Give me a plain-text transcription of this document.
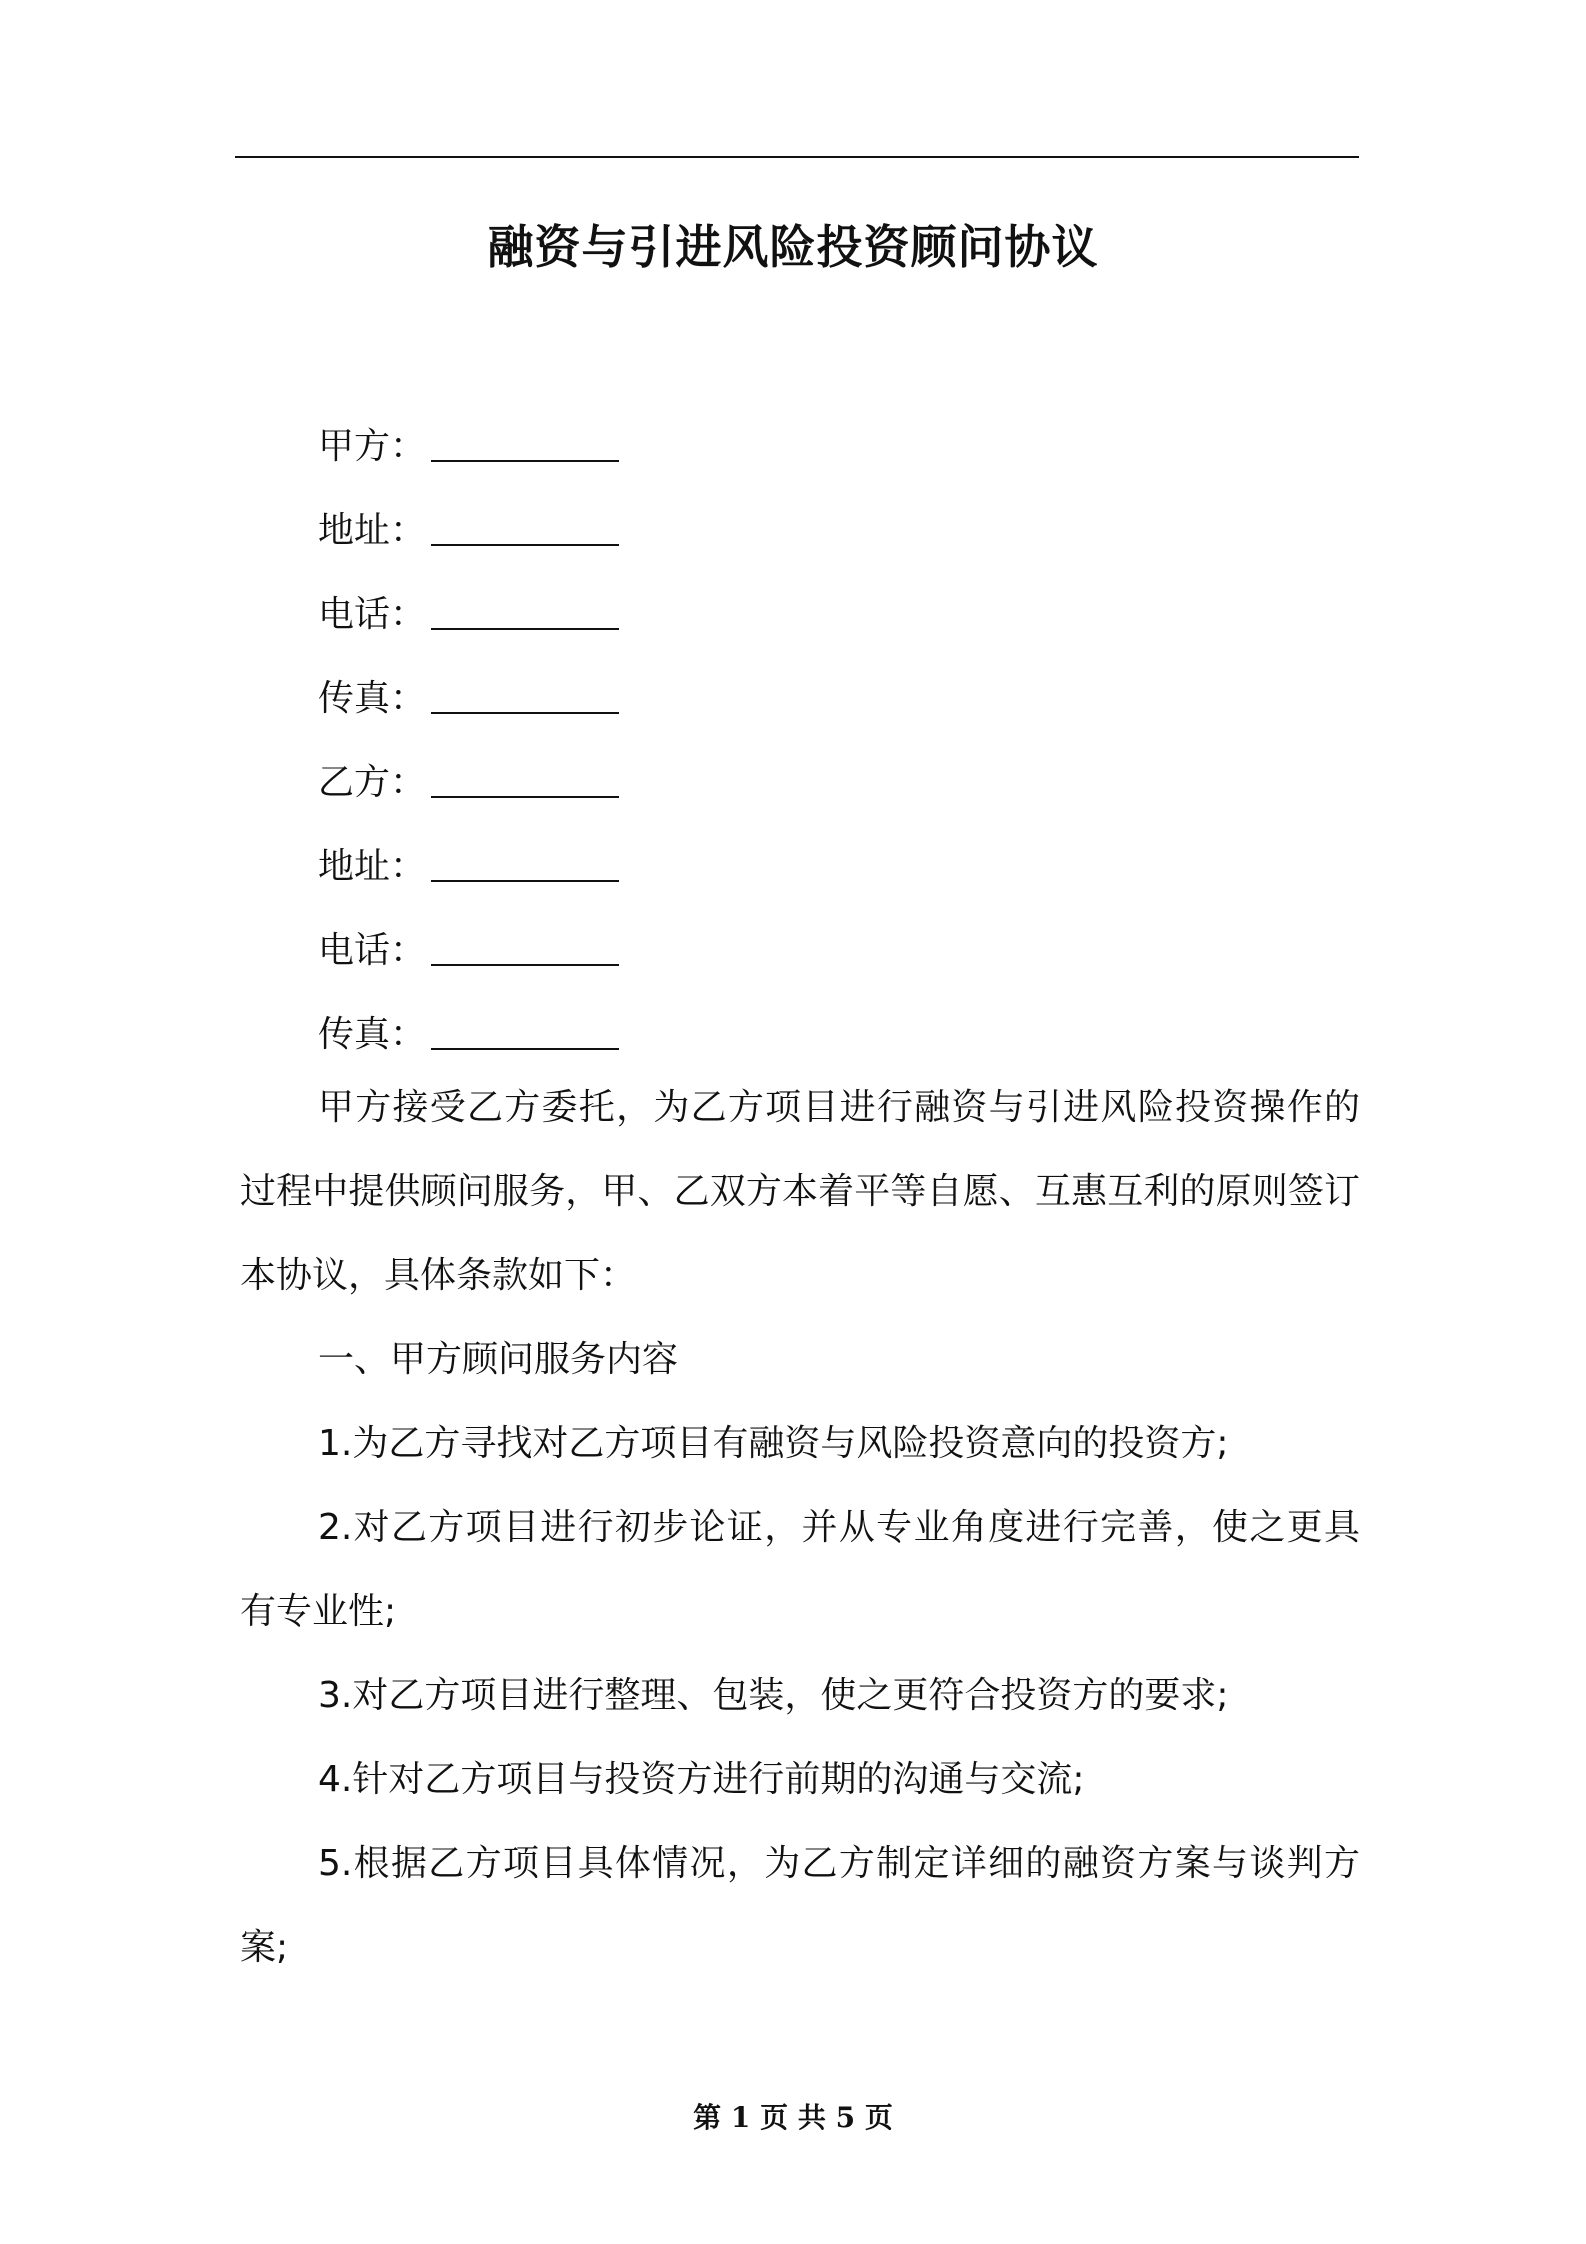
融资与引进风险投资顾问协议
甲方：
地址：
电话：
传真：
乙方：
地址：
电话：
传真：

甲方接受乙方委托，为乙方项目进行融资与引进风险投资操作的过程中提供顾问服务，甲、乙双方本着平等自愿、互惠互利的原则签订本协议，具体条款如下：

一、甲方顾问服务内容

1.为乙方寻找对乙方项目有融资与风险投资意向的投资方;

2.对乙方项目进行初步论证，并从专业角度进行完善，使之更具有专业性;

3.对乙方项目进行整理、包装，使之更符合投资方的要求;

4.针对乙方项目与投资方进行前期的沟通与交流;

5.根据乙方项目具体情况，为乙方制定详细的融资方案与谈判方案;

第 1 页 共 5 页
